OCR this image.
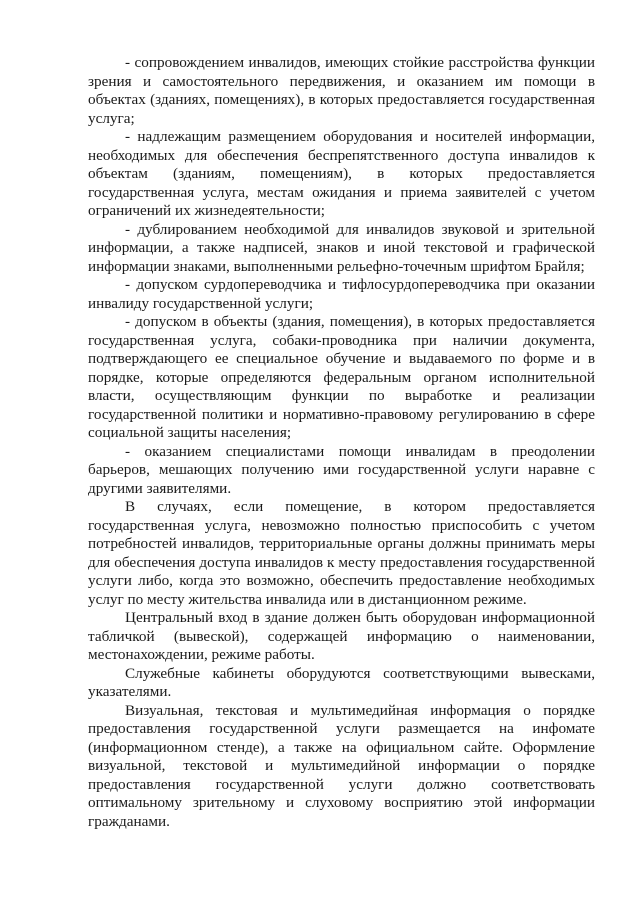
- сопровождением инвалидов, имеющих стойкие расстройства функции зрения и самостоятельного передвижения, и оказанием им помощи в объектах (зданиях, помещениях), в которых предоставляется государственная услуга;

- надлежащим размещением оборудования и носителей информации, необходимых для обеспечения беспрепятственного доступа инвалидов к объектам (зданиям, помещениям), в которых предоставляется государственная услуга, местам ожидания и приема заявителей с учетом ограничений их жизнедеятельности;

- дублированием необходимой для инвалидов звуковой и зрительной информации, а также надписей, знаков и иной текстовой и графической информации знаками, выполненными рельефно-точечным шрифтом Брайля;

- допуском сурдопереводчика и тифлосурдопереводчика при оказании инвалиду государственной услуги;

- допуском в объекты (здания, помещения), в которых предоставляется государственная услуга, собаки-проводника при наличии документа, подтверждающего ее специальное обучение и выдаваемого по форме и в порядке, которые определяются федеральным органом исполнительной власти, осуществляющим функции по выработке и реализации государственной политики и нормативно-правовому регулированию в сфере социальной защиты населения;

- оказанием специалистами помощи инвалидам в преодолении барьеров, мешающих получению ими государственной услуги наравне с другими заявителями.

В случаях, если помещение, в котором предоставляется государственная услуга, невозможно полностью приспособить с учетом потребностей инвалидов, территориальные органы должны принимать меры для обеспечения доступа инвалидов к месту предоставления государственной услуги либо, когда это возможно, обеспечить предоставление необходимых услуг по месту жительства инвалида или в дистанционном режиме.

Центральный вход в здание должен быть оборудован информационной табличкой (вывеской), содержащей информацию о наименовании, местонахождении, режиме работы.

Служебные кабинеты оборудуются соответствующими вывесками, указателями.

Визуальная, текстовая и мультимедийная информация о порядке предоставления государственной услуги размещается на инфомате (информационном стенде), а также на официальном сайте. Оформление визуальной, текстовой и мультимедийной информации о порядке предоставления государственной услуги должно соответствовать оптимальному зрительному и слуховому восприятию этой информации гражданами.
